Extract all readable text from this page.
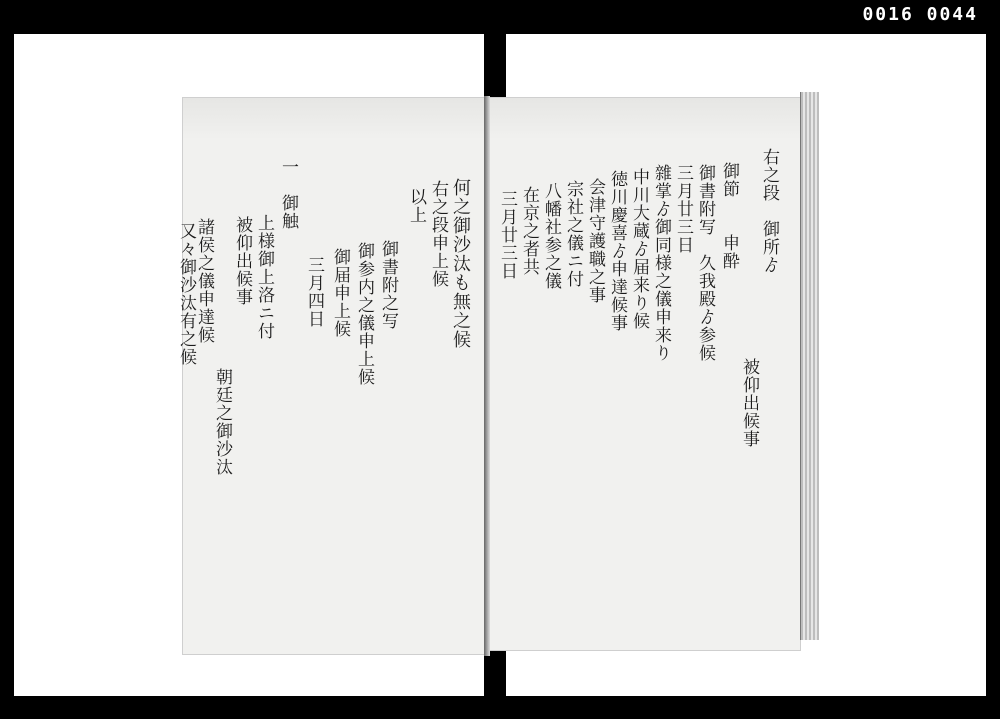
0016 0044
何之御沙汰も無之候
右之段申上候
以上
御書附之写
御参内之儀申上候
御届申上候
三月四日
一　御触
上様御上洛ニ付
被仰出候事
朝廷之御沙汰
諸侯之儀申達候
又々御沙汰有之候
右之段　御所ゟ
被仰出候事
御節　　申酔
御書附写　久我殿ゟ参候
三月廿三日
雜掌ゟ御同様之儀申来り
中川大蔵ゟ届来り候
徳川慶喜ゟ申達候事
会津守護職之事
宗社之儀ニ付
八幡社参之儀
在京之者共
三月廿三日
